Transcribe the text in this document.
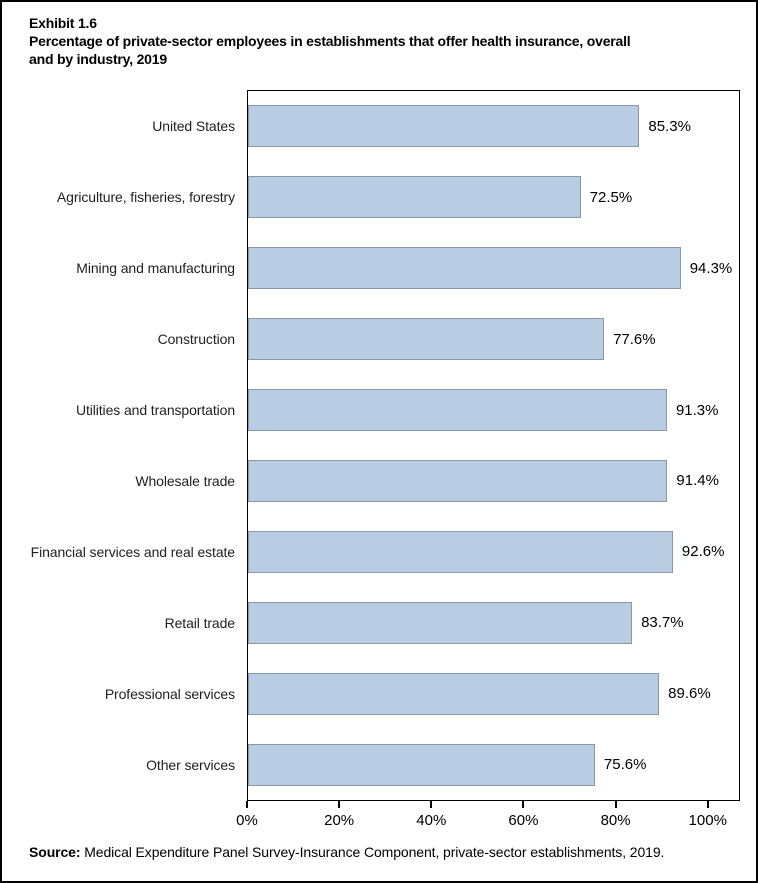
Exhibit 1.6
Percentage of private-sector employees in establishments that offer health insurance, overall
and by industry, 2019
United States
Agriculture, fisheries, forestry
Mining and manufacturing
Construction
Utilities and transportation
Wholesale trade
Financial services and real estate
Retail trade
Professional services
Other services
85.3%
72.5%
94.3%
77.6%
91.3%
91.4%
92.6%
83.7%
89.6%
75.6%
0%	20%	40%	60%	80%	100%
Source: Medical Expenditure Panel Survey-Insurance Component, private-sector establishments, 2019.
